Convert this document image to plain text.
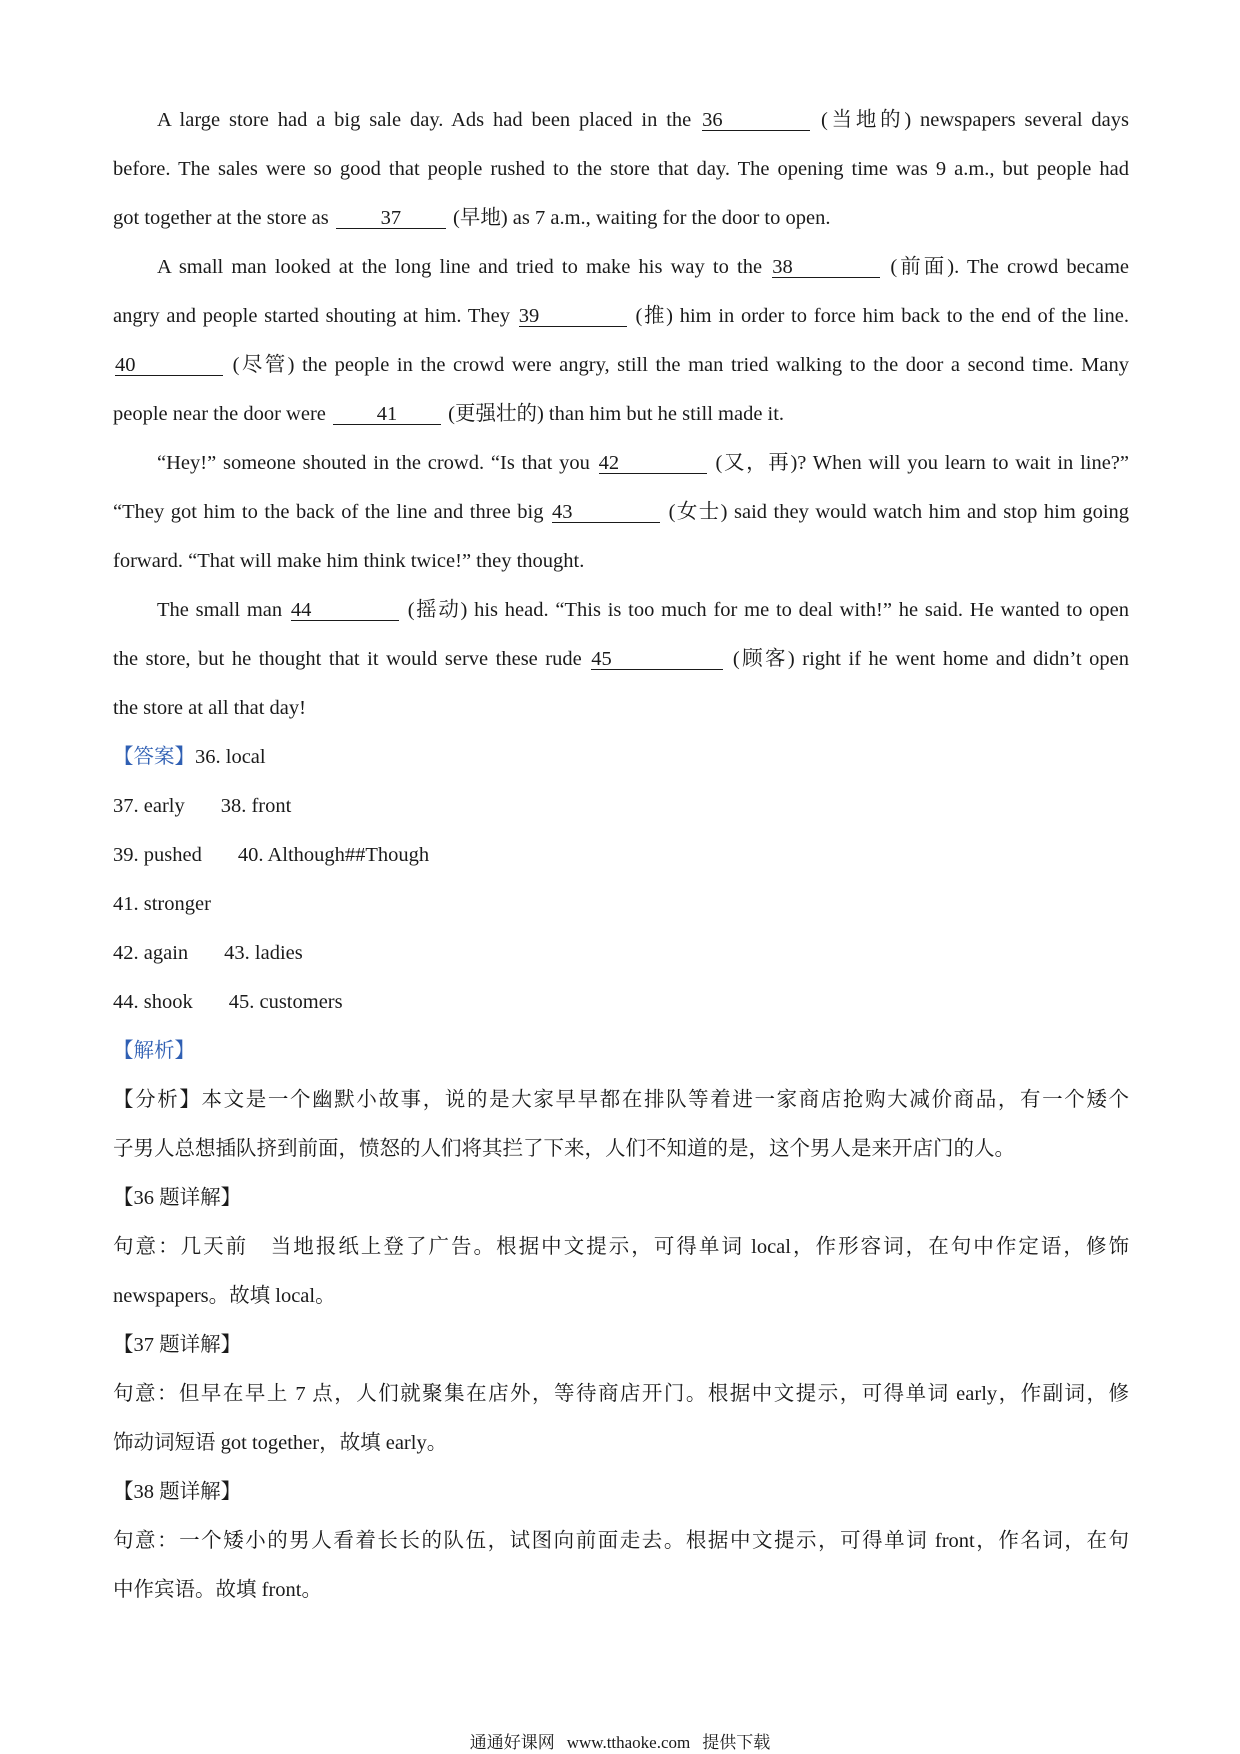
A large store had a big sale day. Ads had been placed in the 36	(当地的) newspapers several days
before. The sales were so good that people rushed to the store that day. The opening time was 9 a.m., but people had
got together at the store as	37	(早地) as 7 a.m., waiting for the door to open.
A small man looked at the long line and tried to make his way to the 38	(前面). The crowd became
angry and people started shouting at him. They 39	(推) him in order to force him back to the end of the line.
40	(尽管) the people in the crowd were angry, still the man tried walking to the door a second time. Many
people near the door were 41 (更强壮的) than him but he still made it.
“Hey!” someone shouted in the crowd. “Is that you 42	(又，再)? When will you learn to wait in line?”
“They got him to the back of the line and three big 43	(女士) said they would watch him and stop him going
forward. “That will make him think twice!” they thought.
The small man 44	(摇动) his head. “This is too much for me to deal with!” he said. He wanted to open
the store, but he thought that it would serve these rude 45	(顾客) right if he went home and didn’t open
the store at all that day!
【答案】36. local
37. early 38. front
39. pushed 40. Although##Though
41. stronger
42. again 43. ladies
44. shook 45. customers
【解析】
【分析】本文是一个幽默小故事，说的是大家早早都在排队等着进一家商店抢购大减价商品，有一个矮个
子男人总想插队挤到前面，愤怒的人们将其拦了下来，人们不知道的是，这个男人是来开店门的人。
【36 题详解】
句意：几天前　当地报纸上登了广告。根据中文提示，可得单词 local，作形容词，在句中作定语，修饰
newspapers。故填 local。
【37 题详解】
句意：但早在早上 7 点，人们就聚集在店外，等待商店开门。根据中文提示，可得单词 early，作副词，修
饰动词短语 got together，故填 early。
【38 题详解】
句意：一个矮小的男人看着长长的队伍，试图向前面走去。根据中文提示，可得单词 front，作名词，在句
中作宾语。故填 front。
通通好课网 www.tthaoke.com 提供下载
